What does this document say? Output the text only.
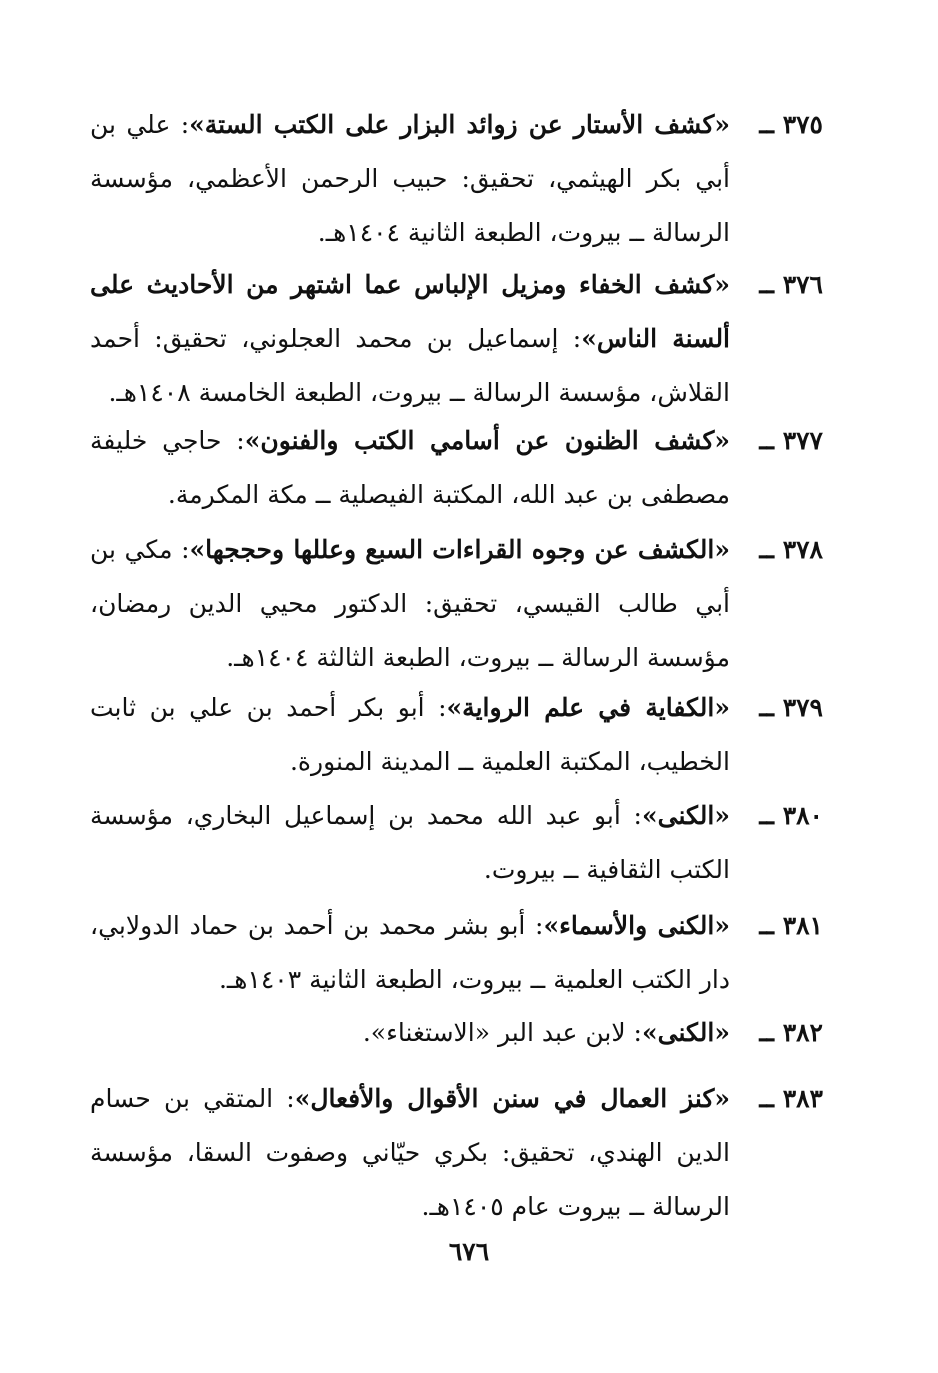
٣٧٥ ــ
«كشف الأستار عن زوائد البزار على الكتب الستة»: علي بن أبي بكر الهيثمي، تحقيق: حبيب الرحمن الأعظمي، مؤسسة الرسالة ــ بيروت، الطبعة الثانية ١٤٠٤هـ.
٣٧٦ ــ
«كشف الخفاء ومزيل الإلباس عما اشتهر من الأحاديث على ألسنة الناس»: إسماعيل بن محمد العجلوني، تحقيق: أحمد القلاش، مؤسسة الرسالة ــ بيروت، الطبعة الخامسة ١٤٠٨هـ.
٣٧٧ ــ
«كشف الظنون عن أسامي الكتب والفنون»: حاجي خليفة مصطفى بن عبد الله، المكتبة الفيصلية ــ مكة المكرمة.
٣٧٨ ــ
«الكشف عن وجوه القراءات السبع وعللها وحججها»: مكي بن أبي طالب القيسي، تحقيق: الدكتور محيي الدين رمضان، مؤسسة الرسالة ــ بيروت، الطبعة الثالثة ١٤٠٤هـ.
٣٧٩ ــ
«الكفاية في علم الرواية»: أبو بكر أحمد بن علي بن ثابت الخطيب، المكتبة العلمية ــ المدينة المنورة.
٣٨٠ ــ
«الكنى»: أبو عبد الله محمد بن إسماعيل البخاري، مؤسسة الكتب الثقافية ــ بيروت.
٣٨١ ــ
«الكنى والأسماء»: أبو بشر محمد بن أحمد بن حماد الدولابي، دار الكتب العلمية ــ بيروت، الطبعة الثانية ١٤٠٣هـ.
٣٨٢ ــ
«الكنى»: لابن عبد البر «الاستغناء».
٣٨٣ ــ
«كنز العمال في سنن الأقوال والأفعال»: المتقي بن حسام الدين الهندي، تحقيق: بكري حيّاني وصفوت السقا، مؤسسة الرسالة ــ بيروت عام ١٤٠٥هـ.
٦٧٦
